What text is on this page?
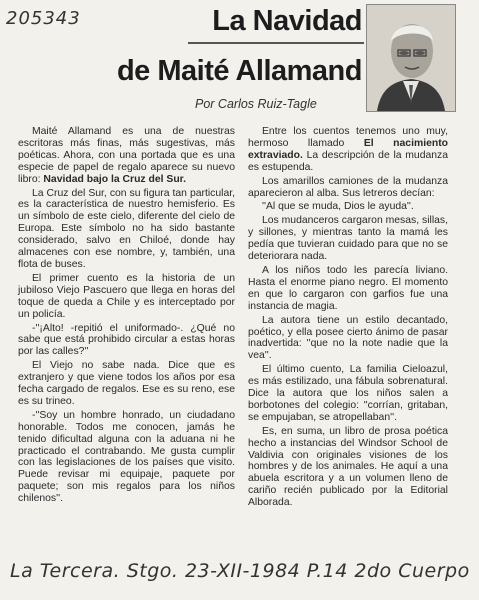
205343	La Navidad
de Maité Allamand
Por Carlos Ruiz-Tagle

Maité Allamand es una de nuestras escritoras más finas, más sugestivas, más poéticas. Ahora, con una portada que es una especie de papel de regalo aparece su nuevo libro: Navidad bajo la Cruz del Sur.

La Cruz del Sur, con su figura tan particular, es la característica de nuestro hemisferio. Es un símbolo de este cielo, diferente del cielo de Europa. Este símbolo no ha sido bastante considerado, salvo en Chiloé, donde hay almacenes con ese nombre, y, también, una flota de buses.

El primer cuento es la historia de un jubiloso Viejo Pascuero que llega en horas del toque de queda a Chile y es interceptado por un policía.

-''¡Alto! -repitió el uniformado-. ¿Qué no sabe que está prohibido circular a estas horas por las calles?''

El Viejo no sabe nada. Dice que es extranjero y que viene todos los años por esa fecha cargado de regalos. Ese es su reno, ese es su trineo.

-''Soy un hombre honrado, un ciudadano honorable. Todos me conocen, jamás he tenido dificultad alguna con la aduana ni he practicado el contrabando. Me gusta cumplir con las legislaciones de los países que visito. Puede revisar mi equipaje, paquete por paquete; son mis regalos para los niños chilenos''.

Entre los cuentos tenemos uno muy, hermoso llamado El nacimiento extraviado. La descripción de la mudanza es estupenda.

Los amarillos camiones de la mudanza aparecieron al alba. Sus letreros decían:

''Al que se muda, Dios le ayuda''.

Los mudanceros cargaron mesas, sillas, y sillones, y mientras tanto la mamá les pedía que tuvieran cuidado para que no se deteriorara nada.

A los niños todo les parecía liviano. Hasta el enorme piano negro. El momento en que lo cargaron con garfios fue una instancia de magia.

La autora tiene un estilo decantado, poético, y ella posee cierto ánimo de pasar inadvertida: ''que no la note nadie que la vea''.

El último cuento, La familia Cieloazul, es más estilizado, una fábula sobrenatural. Dice la autora que los niños salen a borbotones del colegio: ''corrían, gritaban, se empujaban, se atropellaban''.

Es, en suma, un libro de prosa poética hecho a instancias del Windsor School de Valdivia con originales visiones de los hombres y de los animales. He aquí a una abuela escritora y a un volumen lleno de cariño recién publicado por la Editorial Alborada.

La Tercera. Stgo. 23-XII-1984 P.14 2do Cuerpo
